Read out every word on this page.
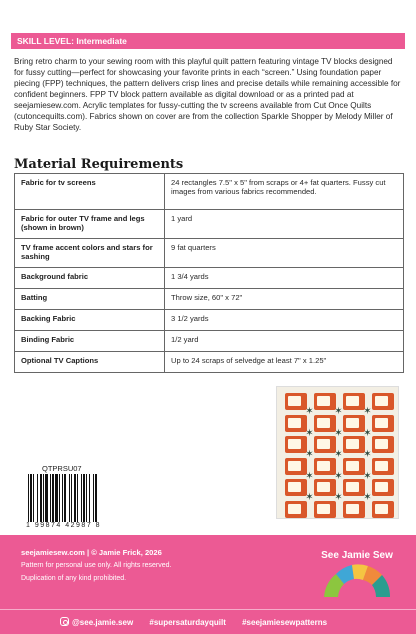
SKILL LEVEL: Intermediate

Bring retro charm to your sewing room with this playful quilt pattern featuring vintage TV blocks designed for fussy cutting—perfect for showcasing your favorite prints in each “screen.” Using foundation paper piecing (FPP) techniques, the pattern delivers crisp lines and precise details while remaining accessible for confident beginners. FPP TV block pattern available as digital download or as a printed pad at seejamiesew.com. Acrylic templates for fussy-cutting the tv screens available from Cut Once Quilts (cutoncequilts.com). Fabrics shown on cover are from the collection Sparkle Shopper by Melody Miller of Ruby Star Society.

Material Requirements
Fabric for tv screens	24 rectangles 7.5" x 5" from scraps or 4+ fat quarters. Fussy cut images from various fabrics recommended.
Fabric for outer TV frame and legs (shown in brown)	1 yard
TV frame accent colors and stars for sashing	9 fat quarters
Background fabric	1 3/4 yards
Batting	Throw size, 60" x 72"
Backing Fabric	3 1/2 yards
Binding Fabric	1/2 yard
Optional TV Captions	Up to 24 scraps of selvedge at least 7" x 1.25"
✶ ✶ ✶
✶ ✶ ✶
✶ ✶ ✶
✶ ✶ ✶
✶ ✶ ✶
QTPRSU07
1 99874 42987 8
seejamiesew.com | © Jamie Frick, 2026
Pattern for personal use only. All rights reserved.
Duplication of any kind prohibited.
@see.jamie.sew #supersaturdayquilt #seejamiesewpatterns
See Jamie Sew
